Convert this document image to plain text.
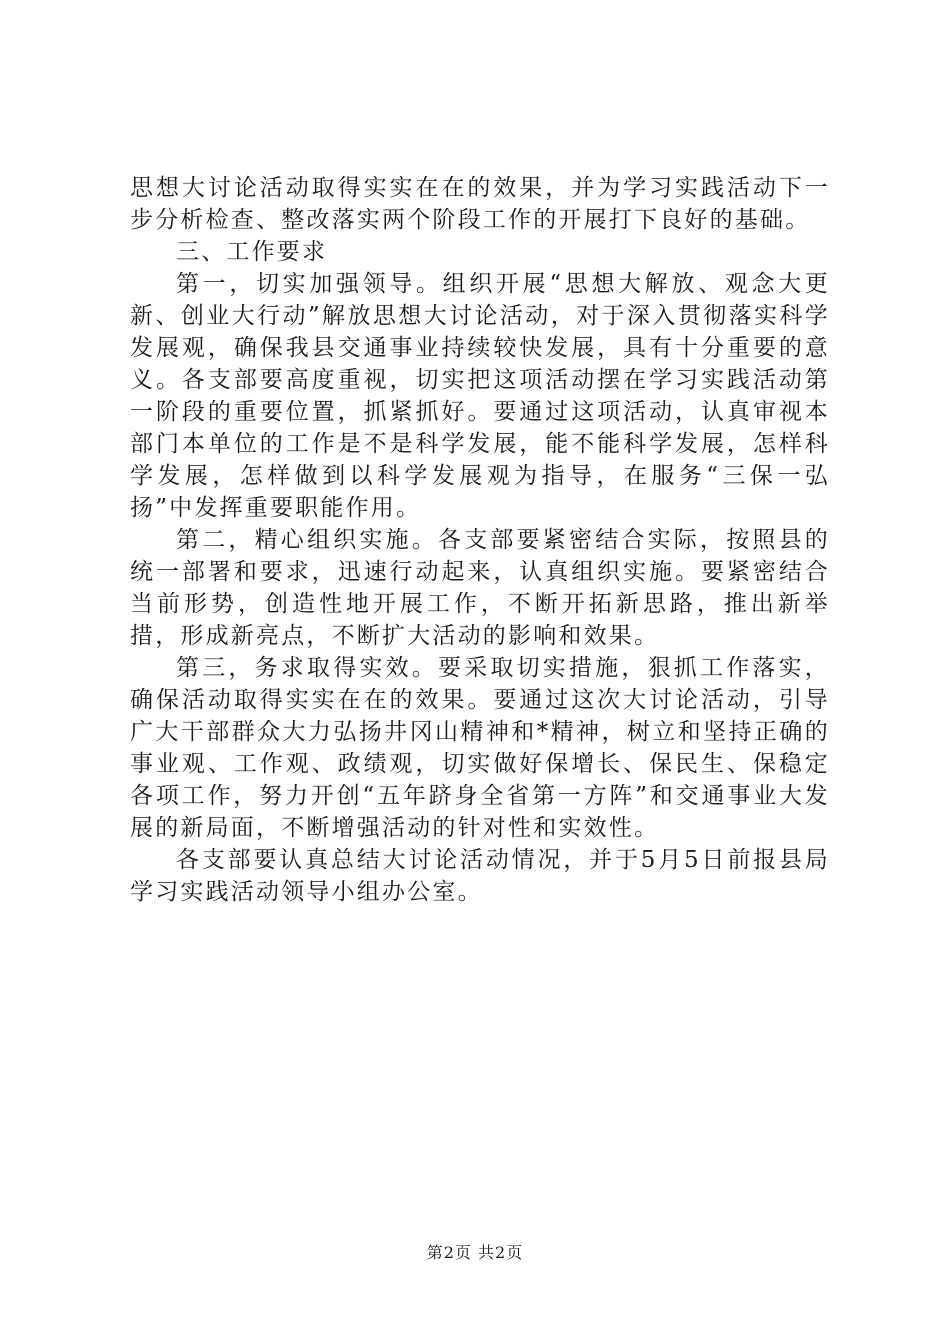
思想大讨论活动取得实实在在的效果，并为学习实践活动下一步分析检查、整改落实两个阶段工作的开展打下良好的基础。

三、工作要求

第一，切实加强领导。组织开展“思想大解放、观念大更新、创业大行动”解放思想大讨论活动，对于深入贯彻落实科学发展观，确保我县交通事业持续较快发展，具有十分重要的意义。各支部要高度重视，切实把这项活动摆在学习实践活动第一阶段的重要位置，抓紧抓好。要通过这项活动，认真审视本部门本单位的工作是不是科学发展，能不能科学发展，怎样科学发展，怎样做到以科学发展观为指导，在服务“三保一弘扬”中发挥重要职能作用。

第二，精心组织实施。各支部要紧密结合实际，按照县的统一部署和要求，迅速行动起来，认真组织实施。要紧密结合当前形势，创造性地开展工作，不断开拓新思路，推出新举措，形成新亮点，不断扩大活动的影响和效果。

第三，务求取得实效。要采取切实措施，狠抓工作落实，确保活动取得实实在在的效果。要通过这次大讨论活动，引导广大干部群众大力弘扬井冈山精神和*精神，树立和坚持正确的事业观、工作观、政绩观，切实做好保增长、保民生、保稳定各项工作，努力开创“五年跻身全省第一方阵”和交通事业大发展的新局面，不断增强活动的针对性和实效性。

各支部要认真总结大讨论活动情况，并于5月5日前报县局学习实践活动领导小组办公室。

第2页 共2页
